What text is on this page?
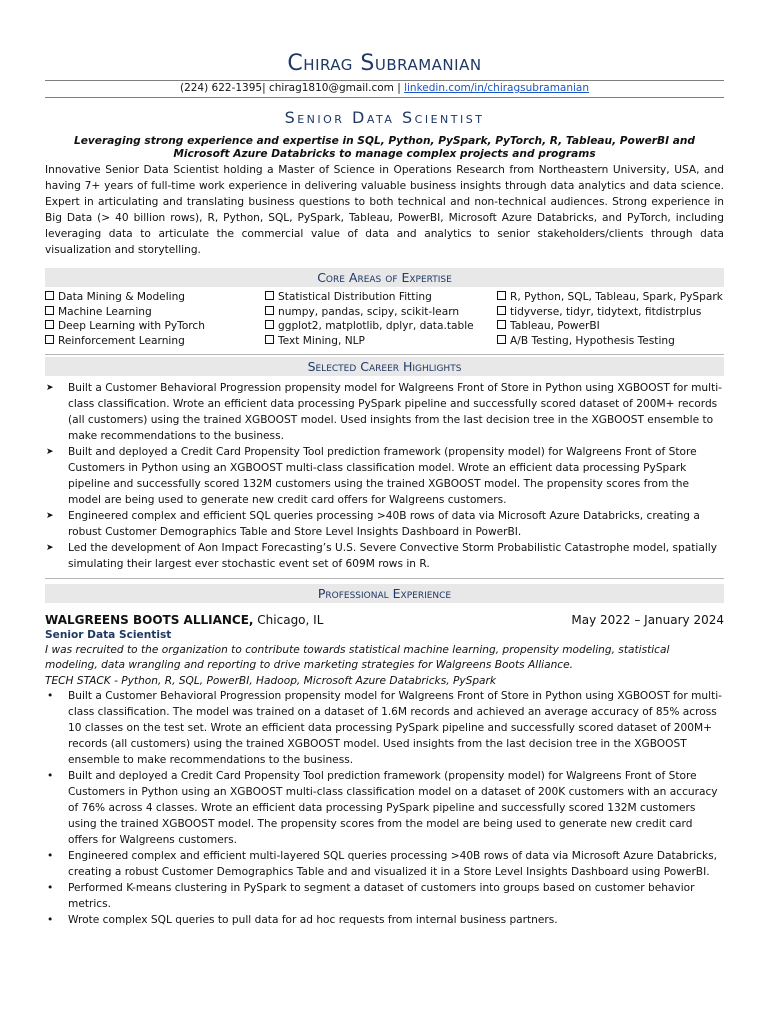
Chirag Subramanian
(224) 622-1395| chirag1810@gmail.com | linkedin.com/in/chiragsubramanian
Senior Data Scientist
Leveraging strong experience and expertise in SQL, Python, PySpark, PyTorch, R, Tableau, PowerBI and Microsoft Azure Databricks to manage complex projects and programs
Innovative Senior Data Scientist holding a Master of Science in Operations Research from Northeastern University, USA, and having 7+ years of full-time work experience in delivering valuable business insights through data analytics and data science. Expert in articulating and translating business questions to both technical and non-technical audiences. Strong experience in Big Data (> 40 billion rows), R, Python, SQL, PySpark, Tableau, PowerBI, Microsoft Azure Databricks, and PyTorch, including leveraging data to articulate the commercial value of data and analytics to senior stakeholders/clients through data visualization and storytelling.
Core Areas of Expertise
Data Mining & Modeling
Machine Learning
Deep Learning with PyTorch
Reinforcement Learning
Statistical Distribution Fitting
numpy, pandas, scipy, scikit-learn
ggplot2, matplotlib, dplyr, data.table
Text Mining, NLP
R, Python, SQL, Tableau, Spark, PySpark
tidyverse, tidyr, tidytext, fitdistrplus
Tableau, PowerBI
A/B Testing, Hypothesis Testing
Selected Career Highlights
➤ Built a Customer Behavioral Progression propensity model for Walgreens Front of Store in Python using XGBOOST for multi-class classification. Wrote an efficient data processing PySpark pipeline and successfully scored dataset of 200M+ records (all customers) using the trained XGBOOST model. Used insights from the last decision tree in the XGBOOST ensemble to make recommendations to the business.
➤ Built and deployed a Credit Card Propensity Tool prediction framework (propensity model) for Walgreens Front of Store Customers in Python using an XGBOOST multi-class classification model. Wrote an efficient data processing PySpark pipeline and successfully scored 132M customers using the trained XGBOOST model. The propensity scores from the model are being used to generate new credit card offers for Walgreens customers.
➤ Engineered complex and efficient SQL queries processing >40B rows of data via Microsoft Azure Databricks, creating a robust Customer Demographics Table and Store Level Insights Dashboard in PowerBI.
➤ Led the development of Aon Impact Forecasting’s U.S. Severe Convective Storm Probabilistic Catastrophe model, spatially simulating their largest ever stochastic event set of 609M rows in R.
Professional Experience
WALGREENS BOOTS ALLIANCE, Chicago, IL	May 2022 – January 2024
Senior Data Scientist
I was recruited to the organization to contribute towards statistical machine learning, propensity modeling, statistical modeling, data wrangling and reporting to drive marketing strategies for Walgreens Boots Alliance.
TECH STACK - Python, R, SQL, PowerBI, Hadoop, Microsoft Azure Databricks, PySpark
• Built a Customer Behavioral Progression propensity model for Walgreens Front of Store in Python using XGBOOST for multi-class classification. The model was trained on a dataset of 1.6M records and achieved an average accuracy of 85% across 10 classes on the test set. Wrote an efficient data processing PySpark pipeline and successfully scored dataset of 200M+ records (all customers) using the trained XGBOOST model. Used insights from the last decision tree in the XGBOOST ensemble to make recommendations to the business.
• Built and deployed a Credit Card Propensity Tool prediction framework (propensity model) for Walgreens Front of Store Customers in Python using an XGBOOST multi-class classification model on a dataset of 200K customers with an accuracy of 76% across 4 classes. Wrote an efficient data processing PySpark pipeline and successfully scored 132M customers using the trained XGBOOST model. The propensity scores from the model are being used to generate new credit card offers for Walgreens customers.
• Engineered complex and efficient multi-layered SQL queries processing >40B rows of data via Microsoft Azure Databricks, creating a robust Customer Demographics Table and and visualized it in a Store Level Insights Dashboard using PowerBI.
• Performed K-means clustering in PySpark to segment a dataset of customers into groups based on customer behavior metrics.
• Wrote complex SQL queries to pull data for ad hoc requests from internal business partners.
